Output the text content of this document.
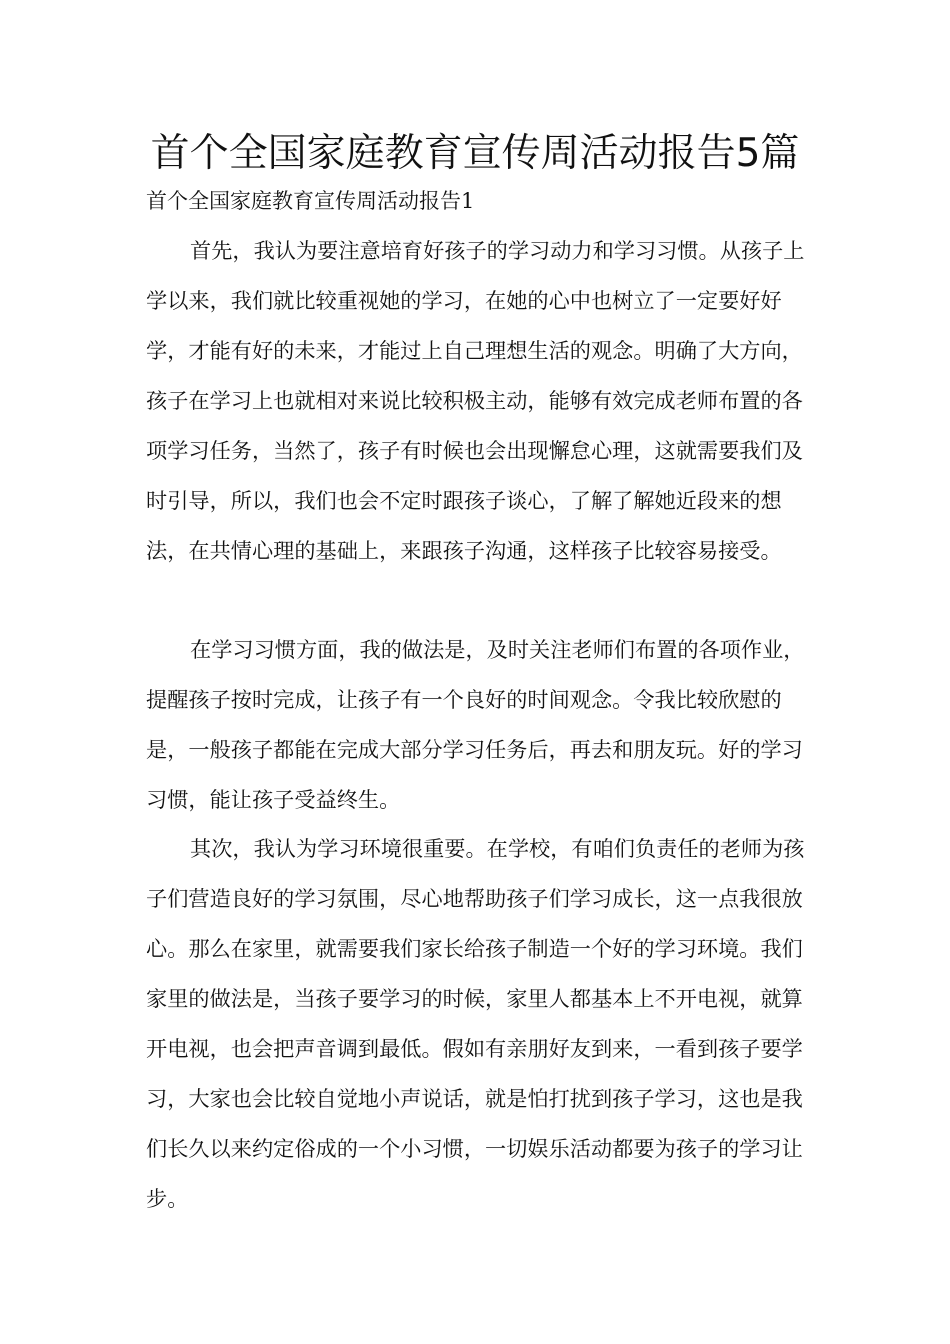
首个全国家庭教育宣传周活动报告5篇

首个全国家庭教育宣传周活动报告1

首先，我认为要注意培育好孩子的学习动力和学习习惯。从孩子上学以来，我们就比较重视她的学习，在她的心中也树立了一定要好好学，才能有好的未来，才能过上自己理想生活的观念。明确了大方向，孩子在学习上也就相对来说比较积极主动，能够有效完成老师布置的各项学习任务，当然了，孩子有时候也会出现懈怠心理，这就需要我们及时引导，所以，我们也会不定时跟孩子谈心，了解了解她近段来的想法，在共情心理的基础上，来跟孩子沟通，这样孩子比较容易接受。

在学习习惯方面，我的做法是，及时关注老师们布置的各项作业，提醒孩子按时完成，让孩子有一个良好的时间观念。令我比较欣慰的是，一般孩子都能在完成大部分学习任务后，再去和朋友玩。好的学习习惯，能让孩子受益终生。

其次，我认为学习环境很重要。在学校，有咱们负责任的老师为孩子们营造良好的学习氛围，尽心地帮助孩子们学习成长，这一点我很放心。那么在家里，就需要我们家长给孩子制造一个好的学习环境。我们家里的做法是，当孩子要学习的时候，家里人都基本上不开电视，就算开电视，也会把声音调到最低。假如有亲朋好友到来，一看到孩子要学习，大家也会比较自觉地小声说话，就是怕打扰到孩子学习，这也是我们长久以来约定俗成的一个小习惯，一切娱乐活动都要为孩子的学习让步。
